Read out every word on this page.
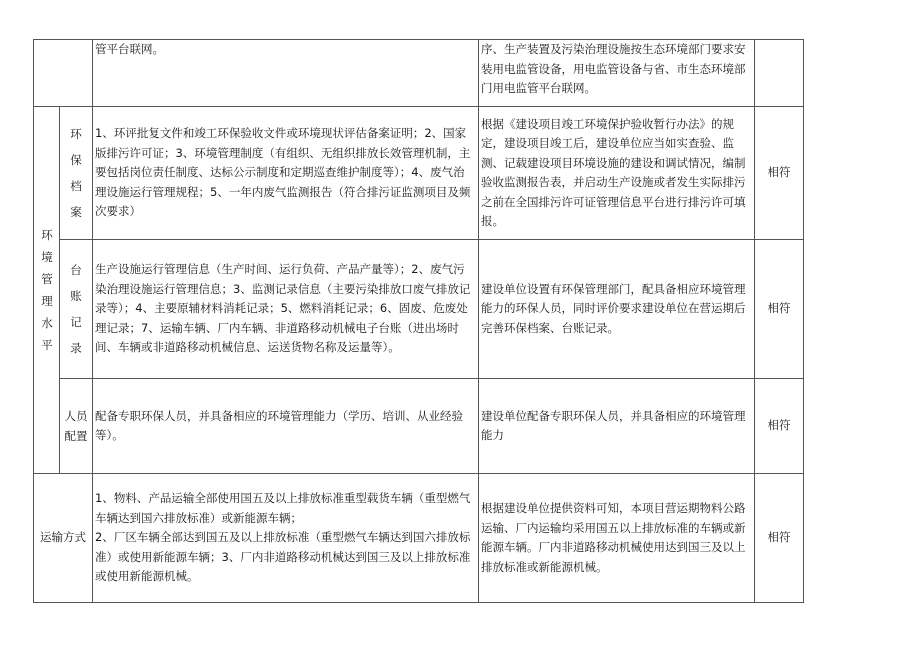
		管平台联网。	序、生产装置及污染治理设施按生态环境部门要求安装用电监管设备，用电监管设备与省、市生态环境部门用电监管平台联网。	

环境管理水平	环保档案	1、环评批复文件和竣工环保验收文件或环境现状评估备案证明；2、国家版排污许可证；3、环境管理制度（有组织、无组织排放长效管理机制，主要包括岗位责任制度、达标公示制度和定期巡查维护制度等）；4、废气治理设施运行管理规程；5、一年内废气监测报告（符合排污证监测项目及频次要求）	根据《建设项目竣工环境保护验收暂行办法》的规定，建设项目竣工后，建设单位应当如实查验、监测、记载建设项目环境设施的建设和调试情况，编制验收监测报告表，并启动生产设施或者发生实际排污之前在全国排污许可证管理信息平台进行排污许可填报。	相符

	台账记录	生产设施运行管理信息（生产时间、运行负荷、产品产量等）；2、废气污染治理设施运行管理信息；3、监测记录信息（主要污染排放口废气排放记录等）；4、主要原辅材料消耗记录；5、燃料消耗记录；6、固废、危废处理记录；7、运输车辆、厂内车辆、非道路移动机械电子台账（进出场时间、车辆或非道路移动机械信息、运送货物名称及运量等）。	建设单位设置有环保管理部门，配具备相应环境管理能力的环保人员，同时评价要求建设单位在营运期后完善环保档案、台账记录。	相符

	人员配置	配备专职环保人员，并具备相应的环境管理能力（学历、培训、从业经验等）。	建设单位配备专职环保人员，并具备相应的环境管理能力	相符
运输方式		1、物料、产品运输全部使用国五及以上排放标准重型载货车辆（重型燃气车辆达到国六排放标准）或新能源车辆；
2、厂区车辆全部达到国五及以上排放标准（重型燃气车辆达到国六排放标准）或使用新能源车辆；3、厂内非道路移动机械达到国三及以上排放标准或使用新能源机械。	根据建设单位提供资料可知，本项目营运期物料公路运输、厂内运输均采用国五以上排放标准的车辆或新能源车辆。厂内非道路移动机械使用达到国三及以上排放标准或新能源机械。	相符
